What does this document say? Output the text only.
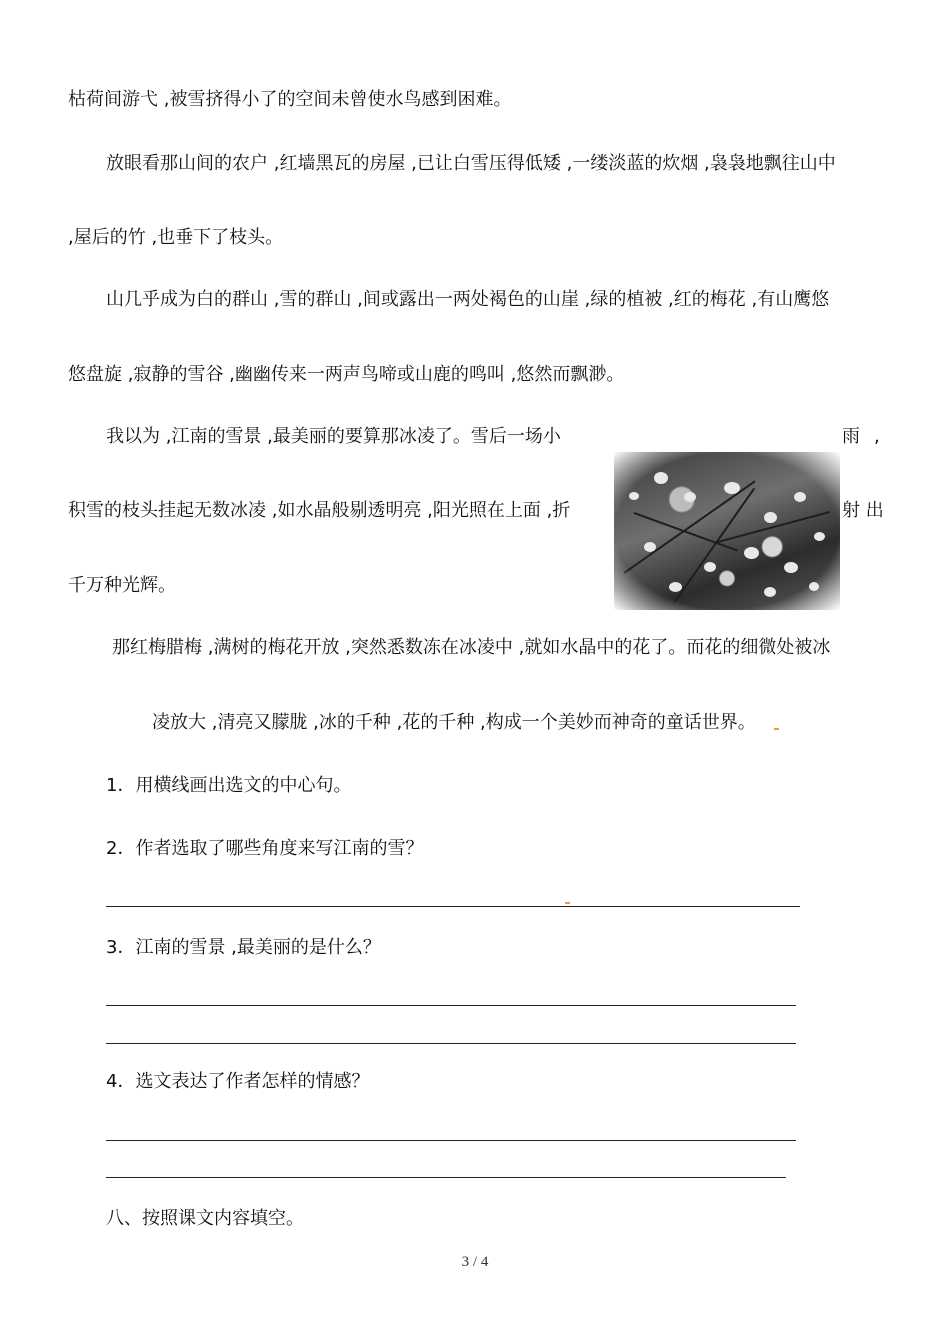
枯荷间游弋 ,被雪挤得小了的空间未曾使水鸟感到困难。
放眼看那山间的农户 ,红墙黑瓦的房屋 ,已让白雪压得低矮 ,一缕淡蓝的炊烟 ,袅袅地飘往山中
,屋后的竹 ,也垂下了枝头。
山几乎成为白的群山 ,雪的群山 ,间或露出一两处褐色的山崖 ,绿的植被 ,红的梅花 ,有山鹰悠
悠盘旋 ,寂静的雪谷 ,幽幽传来一两声鸟啼或山鹿的鸣叫 ,悠然而飘渺。
我以为 ,江南的雪景 ,最美丽的要算那冰凌了。雪后一场小	雨 ,
积雪的枝头挂起无数冰凌 ,如水晶般剔透明亮 ,阳光照在上面 ,折	射 出
千万种光辉。
那红梅腊梅 ,满树的梅花开放 ,突然悉数冻在冰凌中 ,就如水晶中的花了。而花的细微处被冰
凌放大 ,清亮又朦胧 ,冰的千种 ,花的千种 ,构成一个美妙而神奇的童话世界。
1．用横线画出选文的中心句。
2．作者选取了哪些角度来写江南的雪？
3．江南的雪景 ,最美丽的是什么？
4．选文表达了作者怎样的情感？
八、按照课文内容填空。
3 / 4
